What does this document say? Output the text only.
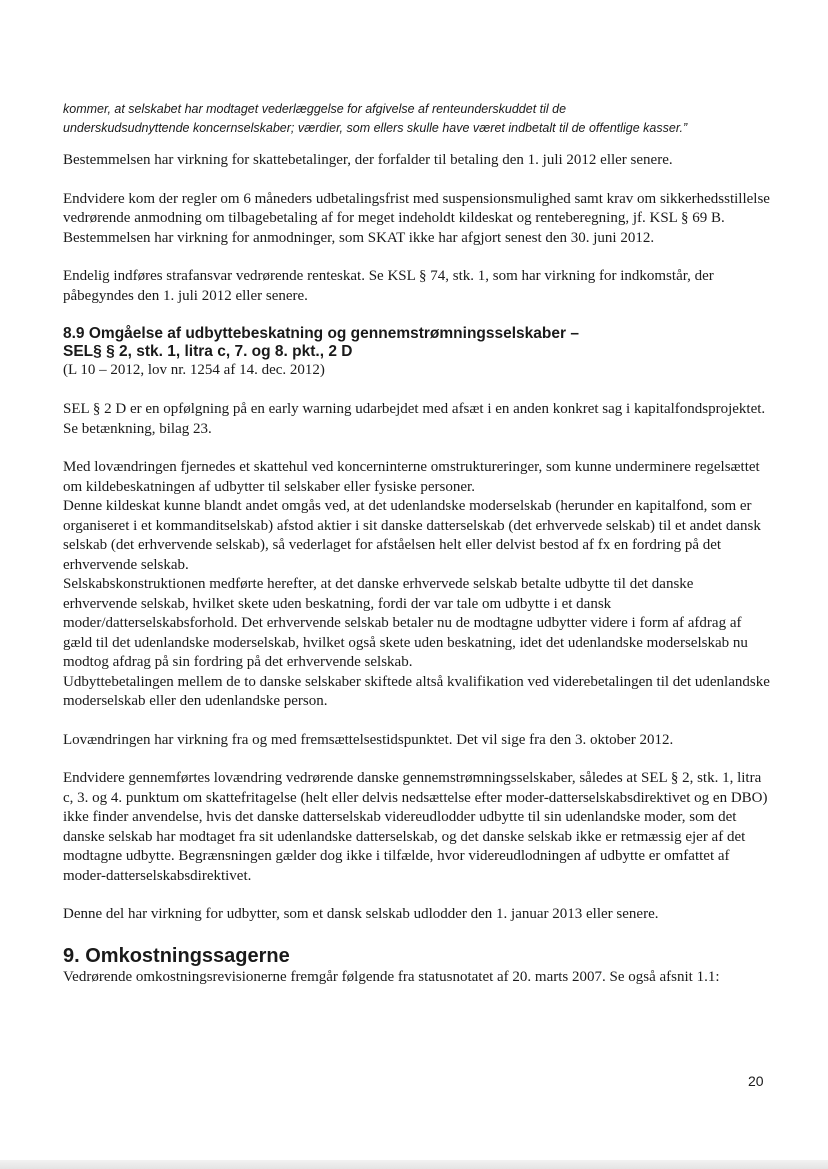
kommer, at selskabet har modtaget vederlæggelse for afgivelse af renteunderskuddet til de
underskudsudnyttende koncernselskaber; værdier, som ellers skulle have været indbetalt til de offentlige kasser.”

Bestemmelsen har virkning for skattebetalinger, der forfalder til betaling den 1. juli 2012 eller senere.

Endvidere kom der regler om 6 måneders udbetalingsfrist med suspensionsmulighed samt krav om sikkerhedsstillelse vedrørende anmodning om tilbagebetaling af for meget indeholdt kildeskat og renteberegning, jf. KSL § 69 B. Bestemmelsen har virkning for anmodninger, som SKAT ikke har afgjort senest den 30. juni 2012.

Endelig indføres strafansvar vedrørende renteskat. Se KSL § 74, stk. 1, som har virkning for indkomstår, der påbegyndes den 1. juli 2012 eller senere.

8.9 Omgåelse af udbyttebeskatning og gennemstrømningsselskaber –
SEL§ § 2, stk. 1, litra c, 7. og 8. pkt., 2 D
(L 10 – 2012, lov nr. 1254 af 14. dec. 2012)

SEL § 2 D er en opfølgning på en early warning udarbejdet med afsæt i en anden konkret sag i kapitalfondsprojektet. Se betænkning, bilag 23.

Med lovændringen fjernedes et skattehul ved koncerninterne omstruktureringer, som kunne underminere regelsættet om kildebeskatningen af udbytter til selskaber eller fysiske personer.

Denne kildeskat kunne blandt andet omgås ved, at det udenlandske moderselskab (herunder en kapitalfond, som er organiseret i et kommanditselskab) afstod aktier i sit danske datterselskab (det erhvervede selskab) til et andet dansk selskab (det erhvervende selskab), så vederlaget for afståelsen helt eller delvist bestod af fx en fordring på det erhvervende selskab.

Selskabskonstruktionen medførte herefter, at det danske erhvervede selskab betalte udbytte til det danske erhvervende selskab, hvilket skete uden beskatning, fordi der var tale om udbytte i et dansk moder/datterselskabsforhold. Det erhvervende selskab betaler nu de modtagne udbytter videre i form af afdrag af gæld til det udenlandske moderselskab, hvilket også skete uden beskatning, idet det udenlandske moderselskab nu modtog afdrag på sin fordring på det erhvervende selskab.

Udbyttebetalingen mellem de to danske selskaber skiftede altså kvalifikation ved viderebetalingen til det udenlandske moderselskab eller den udenlandske person.

Lovændringen har virkning fra og med fremsættelsestidspunktet. Det vil sige fra den 3. oktober 2012.

Endvidere gennemførtes lovændring vedrørende danske gennemstrømningsselskaber, således at SEL § 2, stk. 1, litra c, 3. og 4. punktum om skattefritagelse (helt eller delvis nedsættelse efter moder-datterselskabsdirektivet og en DBO) ikke finder anvendelse, hvis det danske datterselskab videreudlodder udbytte til sin udenlandske moder, som det danske selskab har modtaget fra sit udenlandske datterselskab, og det danske selskab ikke er retmæssig ejer af det modtagne udbytte. Begrænsningen gælder dog ikke i tilfælde, hvor videreudlodningen af udbytte er omfattet af moder-datterselskabsdirektivet.

Denne del har virkning for udbytter, som et dansk selskab udlodder den 1. januar 2013 eller senere.

9. Omkostningssagerne

Vedrørende omkostningsrevisionerne fremgår følgende fra statusnotatet af 20. marts 2007. Se også afsnit 1.1:

20
